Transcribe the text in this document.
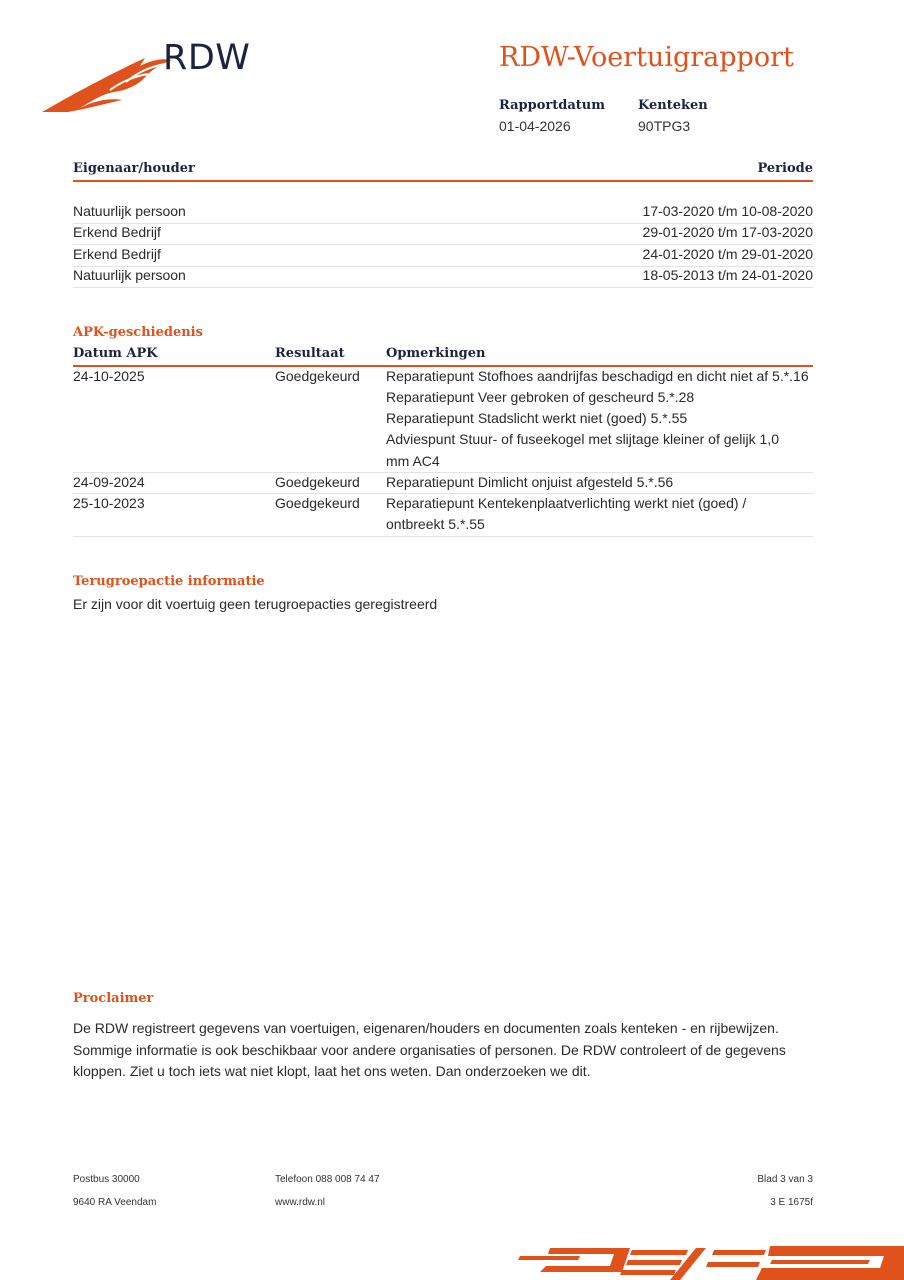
RDW	RDW-Voertuigrapport
Rapportdatum
01-04-2026
Kenteken
90TPG3
Eigenaar/houder	Periode
Natuurlijk persoon	17-03-2020 t/m 10-08-2020
Erkend Bedrijf	29-01-2020 t/m 17-03-2020
Erkend Bedrijf	24-01-2020 t/m 29-01-2020
Natuurlijk persoon	18-05-2013 t/m 24-01-2020
APK-geschiedenis
Datum APK	Resultaat	Opmerkingen
24-10-2025	Goedgekeurd Reparatiepunt Stofhoes aandrijfas beschadigd en dicht niet af 5.*.16
Reparatiepunt Veer gebroken of gescheurd 5.*.28
Reparatiepunt Stadslicht werkt niet (goed) 5.*.55
Adviespunt Stuur- of fuseekogel met slijtage kleiner of gelijk 1,0
mm AC4
24-09-2024	Goedgekeurd Reparatiepunt Dimlicht onjuist afgesteld 5.*.56
25-10-2023	Goedgekeurd Reparatiepunt Kentekenplaatverlichting werkt niet (goed) /
ontbreekt 5.*.55
Terugroepactie informatie
Er zijn voor dit voertuig geen terugroepacties geregistreerd
Proclaimer
De RDW registreert gegevens van voertuigen, eigenaren/houders en documenten zoals kenteken - en rijbewijzen.
Sommige informatie is ook beschikbaar voor andere organisaties of personen. De RDW controleert of de gegevens
kloppen. Ziet u toch iets wat niet klopt, laat het ons weten. Dan onderzoeken we dit.
Postbus 30000
9640 RA Veendam
Telefoon 088 008 74 47
www.rdw.nl
Blad 3 van 3
3 E 1675f
